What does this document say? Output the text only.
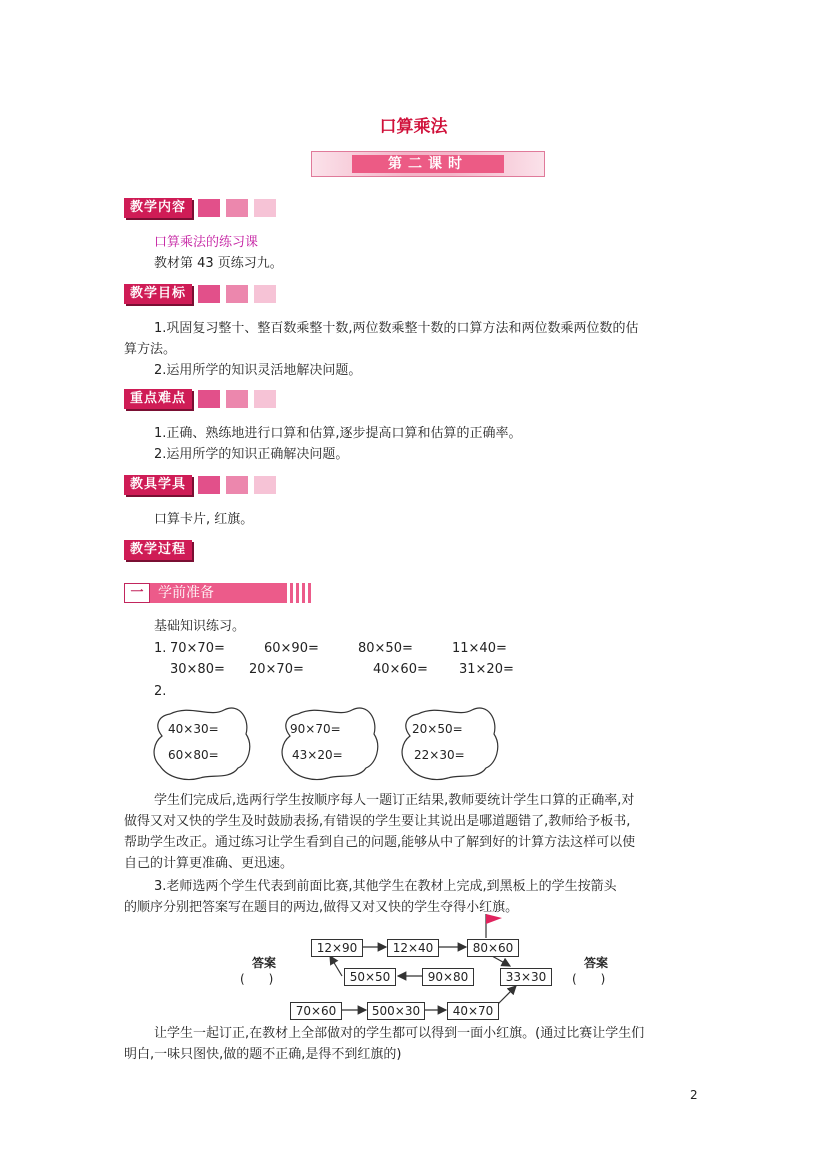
口算乘法
第二课时
教学内容
口算乘法的练习课
教材第 43 页练习九。
教学目标
1.巩固复习整十、整百数乘整十数,两位数乘整十数的口算方法和两位数乘两位数的估
算方法。
2.运用所学的知识灵活地解决问题。
重点难点
1.正确、熟练地进行口算和估算,逐步提高口算和估算的正确率。
2.运用所学的知识正确解决问题。
教具学具
口算卡片, 红旗。
教学过程
一	学前准备
基础知识练习。
1. 70×70=	60×90=	80×50=	11×40=
30×80= 20×70=	40×60= 31×20=
2.
40×30=
60×80=
90×70=
43×20=
20×50=
22×30=
学生们完成后,选两行学生按顺序每人一题订正结果,教师要统计学生口算的正确率,对
做得又对又快的学生及时鼓励表扬,有错误的学生要让其说出是哪道题错了,教师给予板书,
帮助学生改正。通过练习让学生看到自己的问题,能够从中了解到好的计算方法这样可以使
自己的计算更准确、更迅速。
3.老师选两个学生代表到前面比赛,其他学生在教材上完成,到黑板上的学生按箭头
的顺序分别把答案写在题目的两边,做得又对又快的学生夺得小红旗。
12×90	12×40	80×60
50×50	90×80	33×30
70×60	500×30	40×70
答案
(　　)
答案
(　　)
让学生一起订正,在教材上全部做对的学生都可以得到一面小红旗。(通过比赛让学生们
明白,一味只图快,做的题不正确,是得不到红旗的)
2
